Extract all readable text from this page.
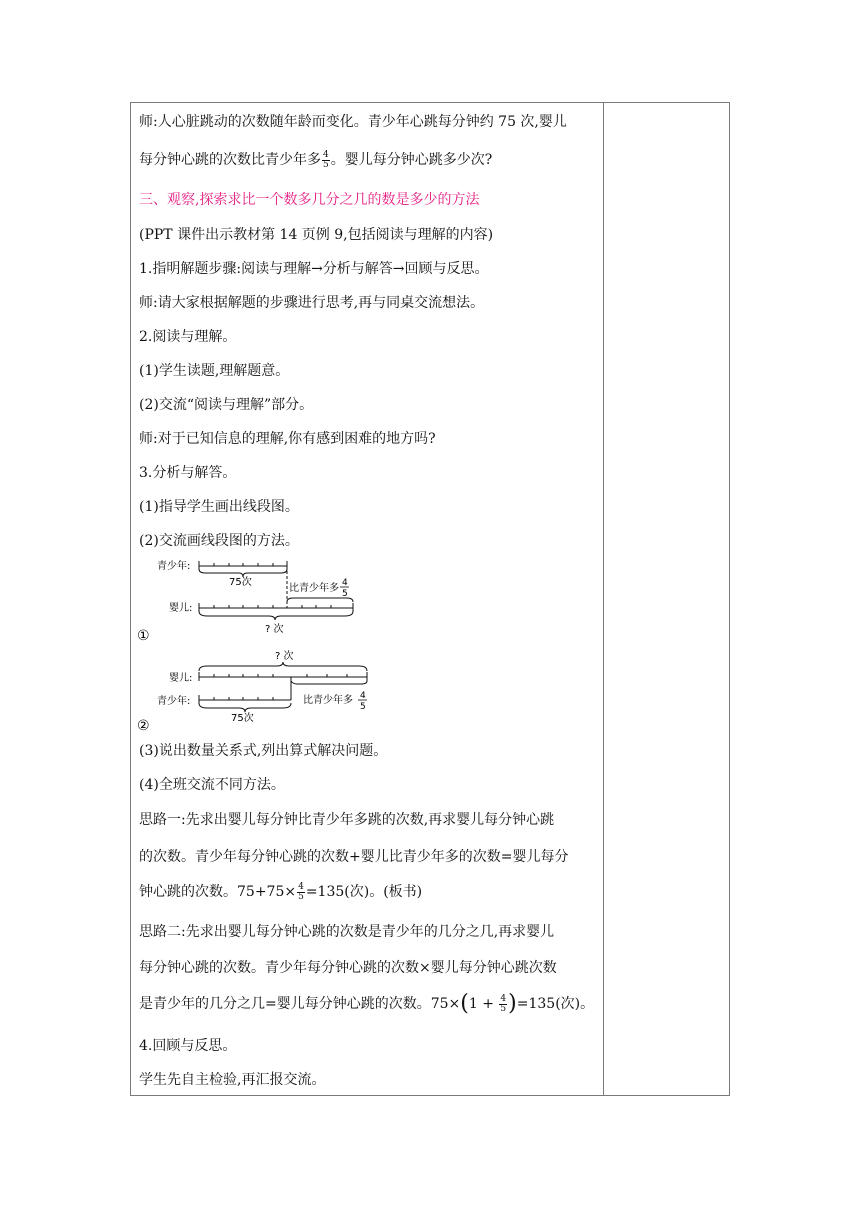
师:人心脏跳动的次数随年龄而变化。青少年心跳每分钟约 75 次,婴儿
每分钟心跳的次数比青少年多 $\frac{4}{5}$ 。婴儿每分钟心跳多少次?
三、观察,探索求比一个数多几分之几的数是多少的方法
(PPT 课件出示教材第 14 页例 9,包括阅读与理解的内容)
1.指明解题步骤:阅读与理解→分析与解答→回顾与反思。
师:请大家根据解题的步骤进行思考,再与同桌交流想法。
2.阅读与理解。
(1)学生读题,理解题意。
(2)交流“阅读与理解”部分。
师:对于已知信息的理解,你有感到困难的地方吗?
3.分析与解答。
(1)指导学生画出线段图。
(2)交流画线段图的方法。
青少年:
75次
比青少年多 4
5
婴儿:
? 次
①
? 次
婴儿:
青少年:	比青少年多 4
5
75次
②
(3)说出数量关系式,列出算式解决问题。
(4)全班交流不同方法。
思路一:先求出婴儿每分钟比青少年多跳的次数,再求婴儿每分钟心跳
的次数。青少年每分钟心跳的次数+婴儿比青少年多的次数=婴儿每分
钟心跳的次数。$75+75\times \frac{4}{5} =135$(次)。(板书)
思路二:先求出婴儿每分钟心跳的次数是青少年的几分之几,再求婴儿
每分钟心跳的次数。青少年每分钟心跳的次数×婴儿每分钟心跳次数
是青少年的几分之几=婴儿每分钟心跳的次数。$75\times(1 + \frac{4}{5} )=135$(次)。
4.回顾与反思。
学生先自主检验,再汇报交流。
